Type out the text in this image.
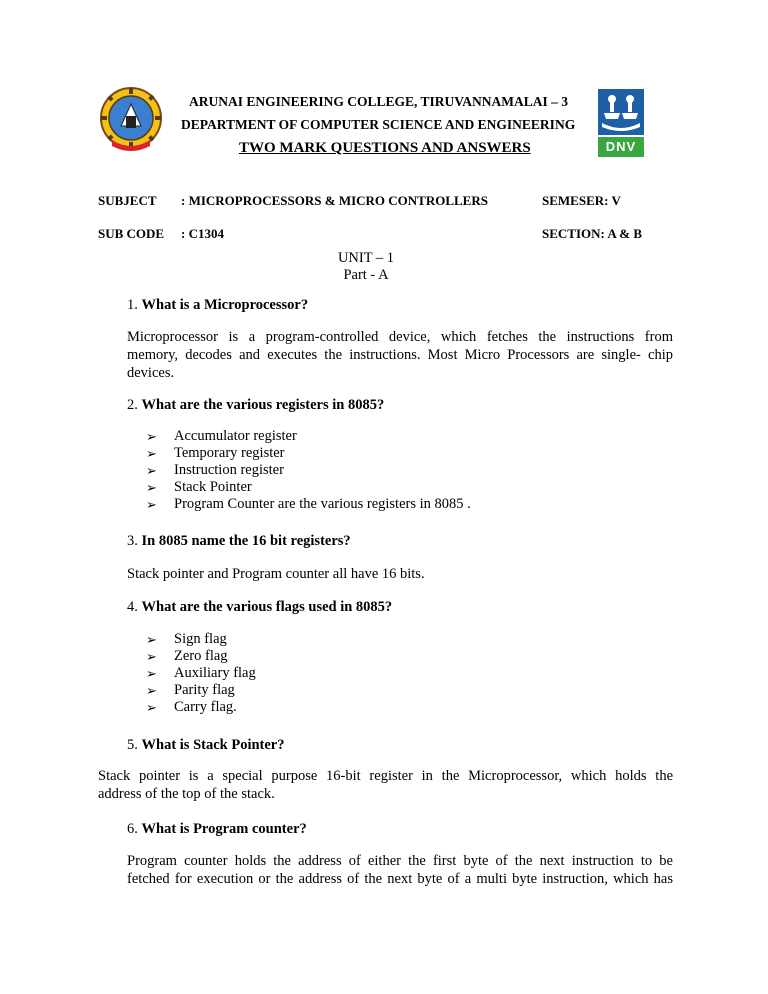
DNV
ARUNAI ENGINEERING COLLEGE, TIRUVANNAMALAI – 3
DEPARTMENT OF COMPUTER SCIENCE AND ENGINEERING
TWO MARK QUESTIONS AND ANSWERS
SUBJECT : MICROPROCESSORS & MICRO CONTROLLERS	SEMESER: V
SUB CODE : C1304	SECTION: A & B
UNIT – 1
Part - A
1. What is a Microprocessor?
Microprocessor is a program-controlled device, which fetches the instructions from
memory, decodes and executes the instructions. Most Micro Processors are single- chip
devices.
2. What are the various registers in 8085?
➢ Accumulator register
➢ Temporary register
➢ Instruction register
➢ Stack Pointer
➢ Program Counter are the various registers in 8085 .
3. In 8085 name the 16 bit registers?
Stack pointer and Program counter all have 16 bits.
4. What are the various flags used in 8085?
➢ Sign flag
➢ Zero flag
➢ Auxiliary flag
➢ Parity flag
➢ Carry flag.
5. What is Stack Pointer?
Stack pointer is a special purpose 16-bit register in the Microprocessor, which holds the
address of the top of the stack.
6. What is Program counter?
Program counter holds the address of either the first byte of the next instruction to be
fetched for execution or the address of the next byte of a multi byte instruction, which has
